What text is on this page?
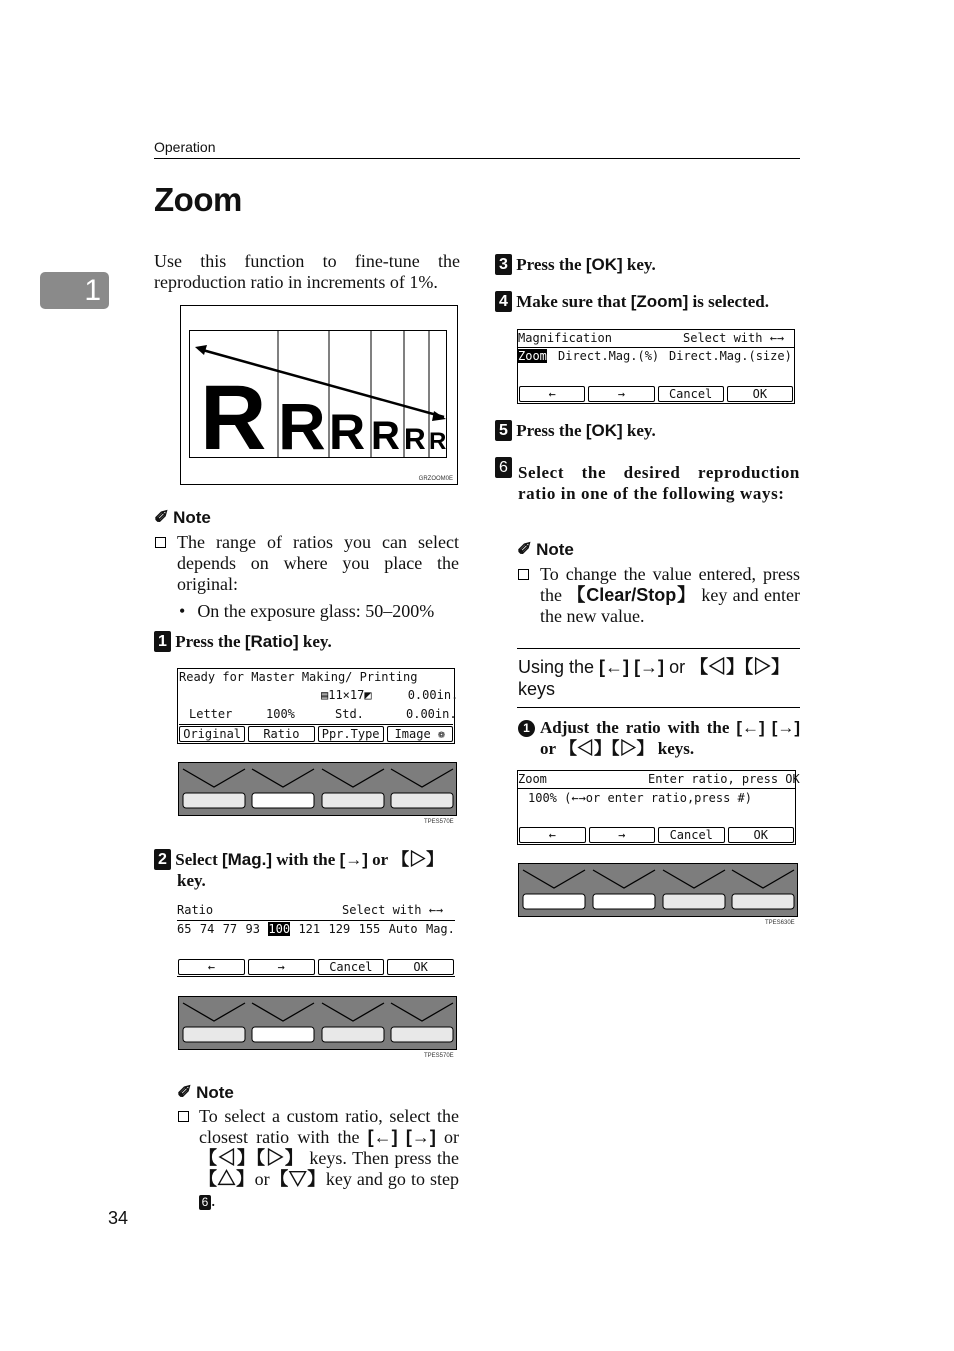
Operation
1
Zoom
Use this function to fine-tune the reproduction ratio in increments of 1%.
R R R R R R
GRZOOM0E
✐ Note
The range of ratios you can select depends on where you place the original:
• On the exposure glass: 50–200%
1 Press the [Ratio] key.
Ready for Master Making/ Printing
▤11×17◩     0.00in.
Letter	100%	Std.	0.00in.
Original	Ratio	Ppr.Type	Image ❁
TPES570E
2 Select [Mag.] with the [→] or 【▷】
key.
Ratio	Select with ←→
65 74 77 93 100 121 129 155 Auto Mag.
←	→	Cancel	OK
TPES570E
✐ Note
To select a custom ratio, select the closest ratio with the [←] [→] or 【◁】【▷】 keys. Then press the 【△】or【▽】key and go to step 6 .
34
3 Press the [OK] key.
4 Make sure that [Zoom] is selected.
Magnification	Select with ←→
Zoom Direct.Mag.(%) Direct.Mag.(size)
←	→	Cancel	OK
5 Press the [OK] key.
6 Select the desired reproduction ratio in one of the following ways:
✐ Note
To change the value entered, press the 【Clear/Stop】 key and enter the new value.
Using the [←] [→] or 【◁】【▷】
keys
1 Adjust the ratio with the [←] [→] or 【◁】【▷】 keys.
Zoom	Enter ratio, press OK
100% (←→or enter ratio,press #)
←	→	Cancel	OK
TPES630E
